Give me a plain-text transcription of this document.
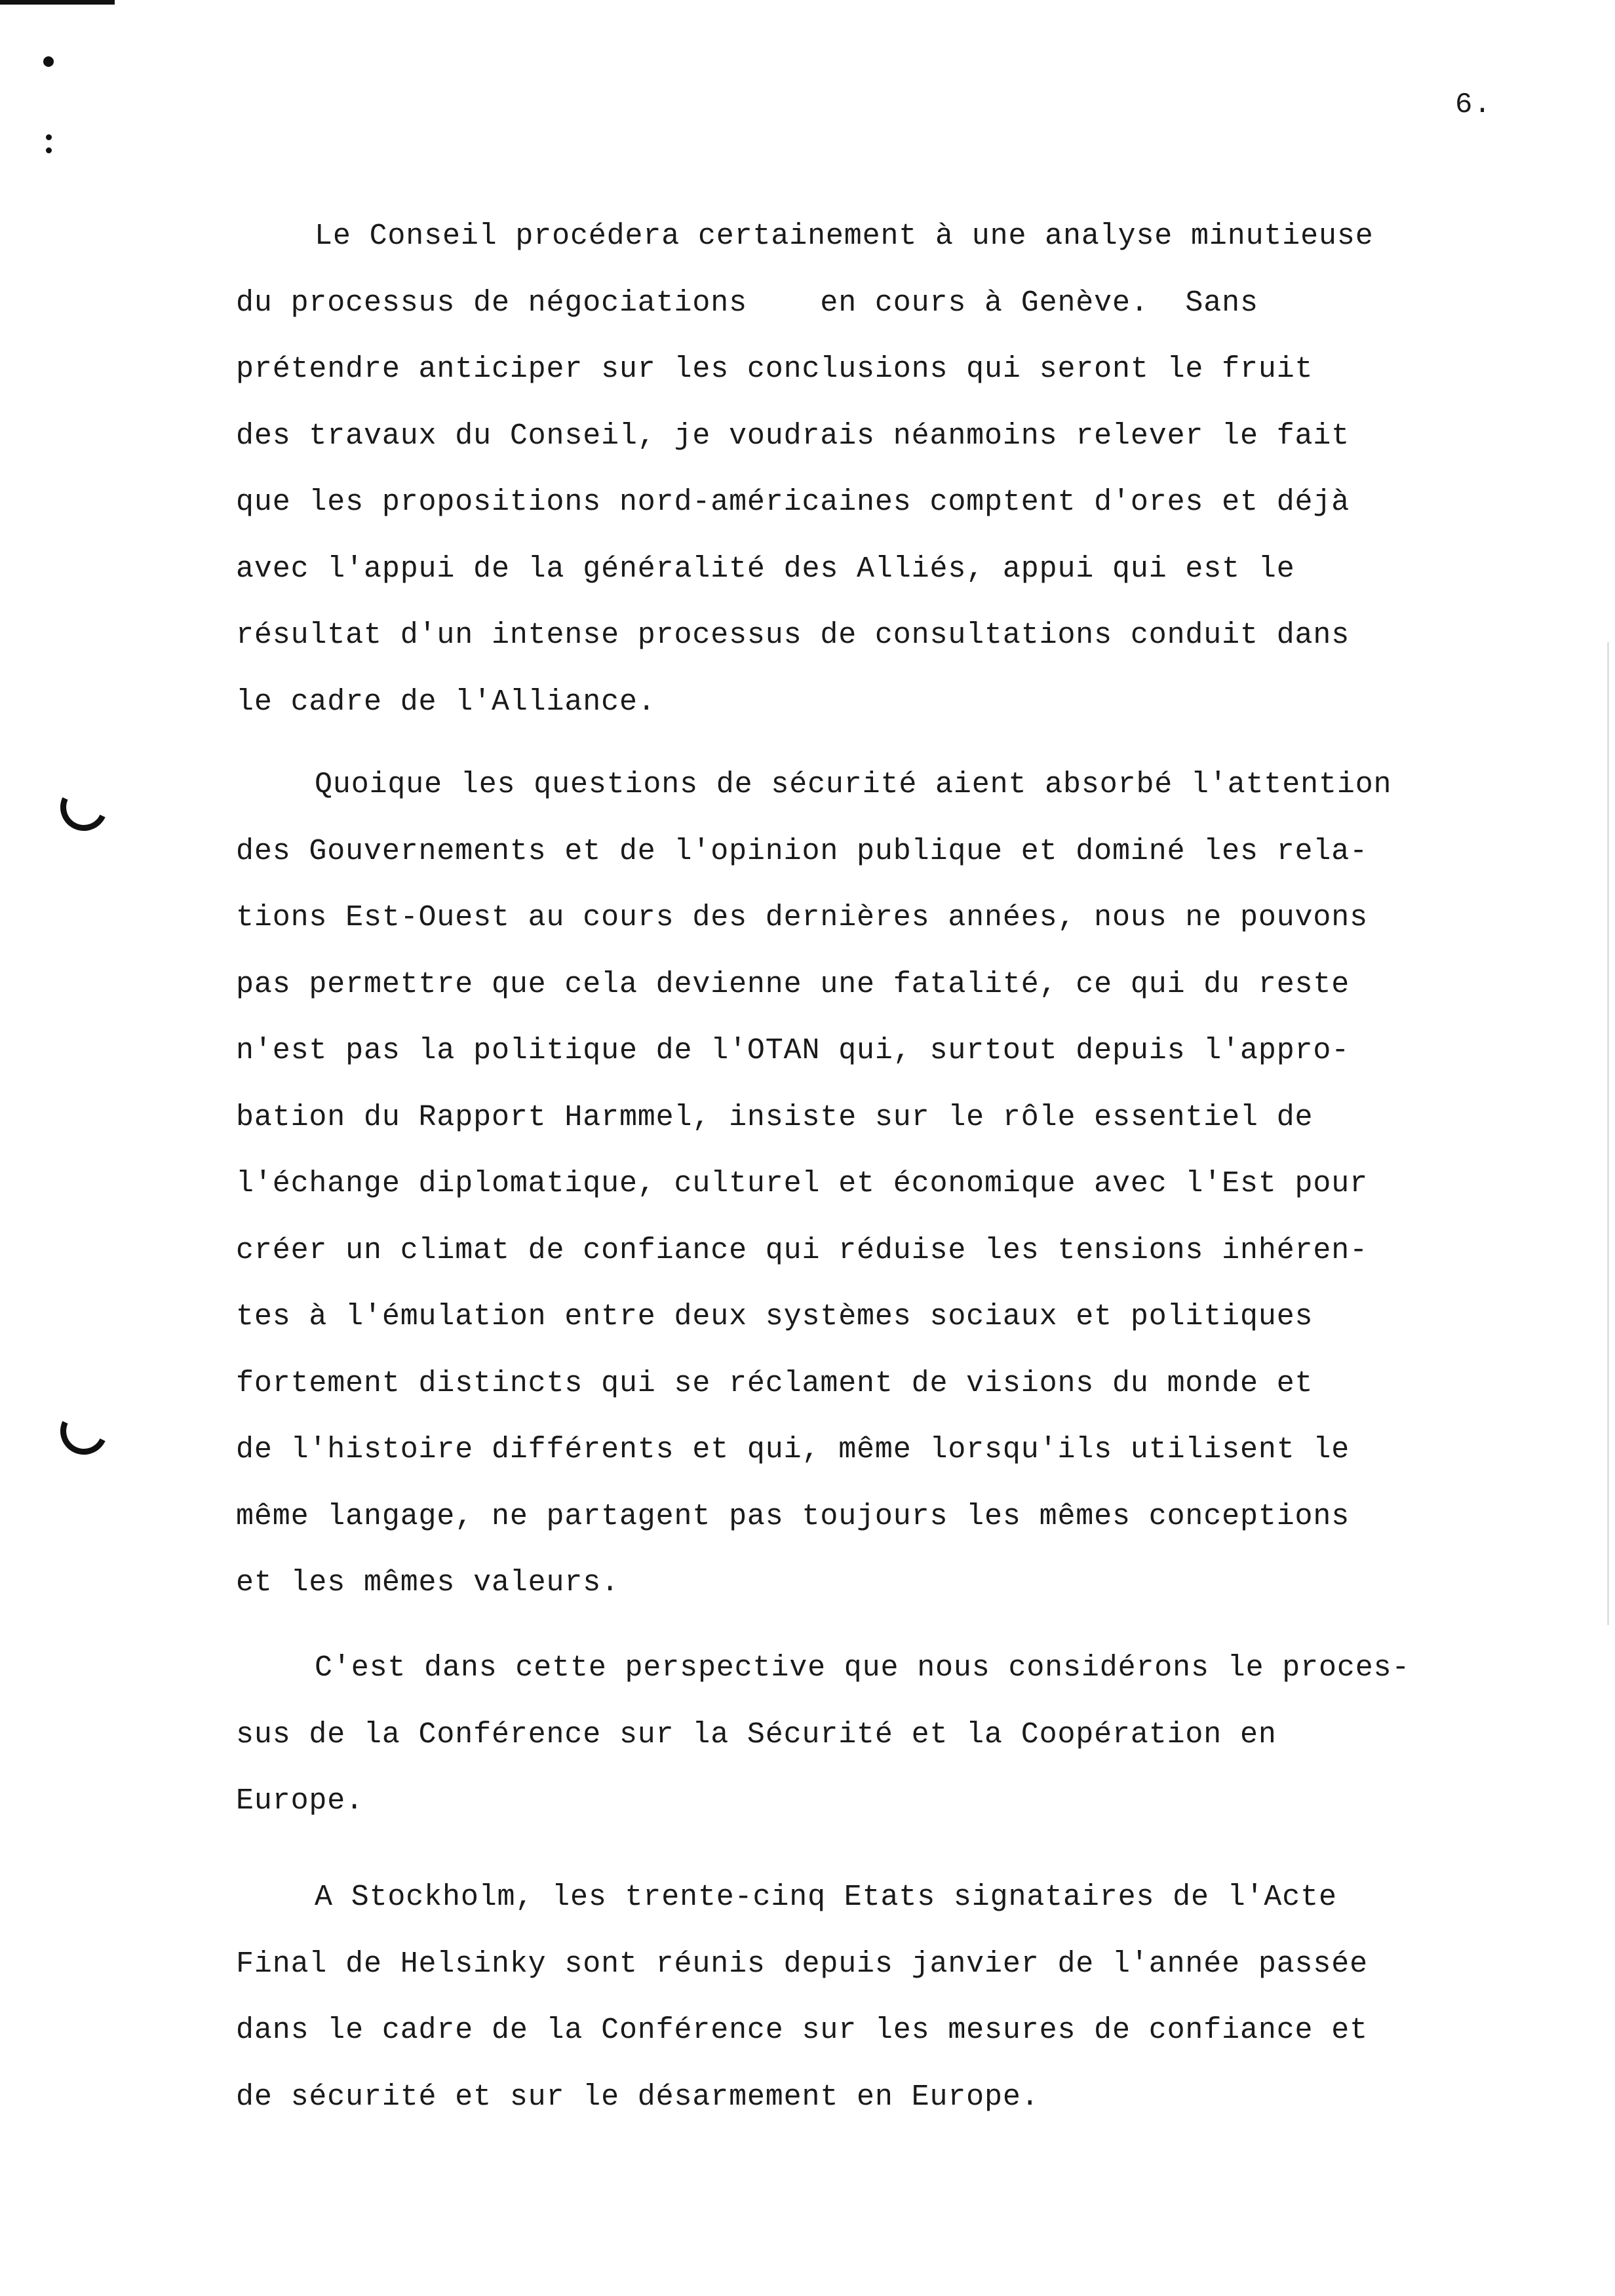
6.

Le Conseil procédera certainement à une analyse minutieuse
du processus de négociations    en cours à Genève.  Sans
prétendre anticiper sur les conclusions qui seront le fruit
des travaux du Conseil, je voudrais néanmoins relever le fait
que les propositions nord-américaines comptent d'ores et déjà
avec l'appui de la généralité des Alliés, appui qui est le
résultat d'un intense processus de consultations conduit dans
le cadre de l'Alliance.

Quoique les questions de sécurité aient absorbé l'attention
des Gouvernements et de l'opinion publique et dominé les rela-
tions Est-Ouest au cours des dernières années, nous ne pouvons
pas permettre que cela devienne une fatalité, ce qui du reste
n'est pas la politique de l'OTAN qui, surtout depuis l'appro-
bation du Rapport Harmmel, insiste sur le rôle essentiel de
l'échange diplomatique, culturel et économique avec l'Est pour
créer un climat de confiance qui réduise les tensions inhéren-
tes à l'émulation entre deux systèmes sociaux et politiques
fortement distincts qui se réclament de visions du monde et
de l'histoire différents et qui, même lorsqu'ils utilisent le
même langage, ne partagent pas toujours les mêmes conceptions
et les mêmes valeurs.

C'est dans cette perspective que nous considérons le proces-
sus de la Conférence sur la Sécurité et la Coopération en
Europe.

A Stockholm, les trente-cinq Etats signataires de l'Acte
Final de Helsinky sont réunis depuis janvier de l'année passée
dans le cadre de la Conférence sur les mesures de confiance et
de sécurité et sur le désarmement en Europe.
